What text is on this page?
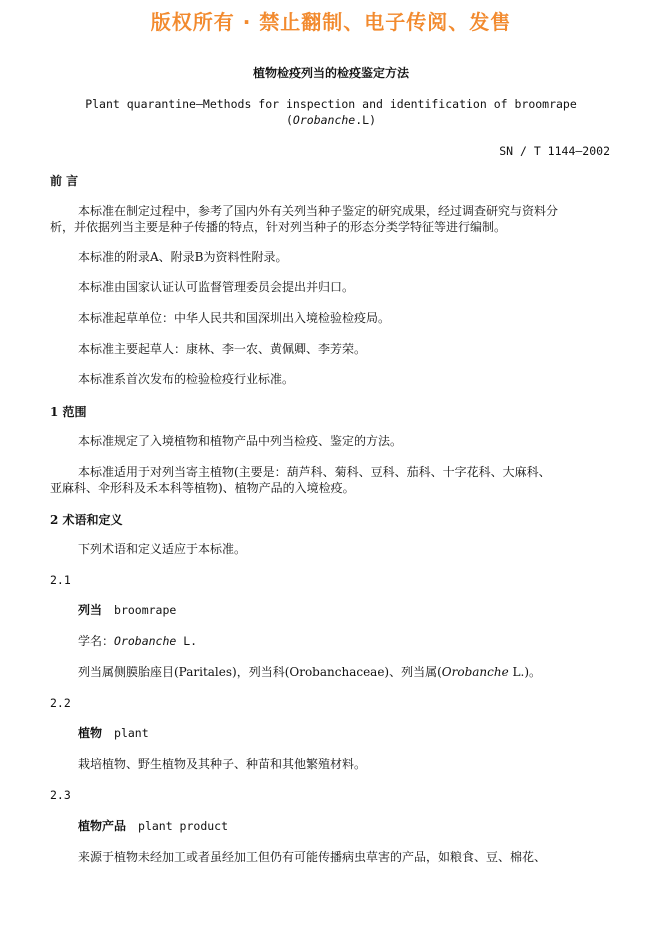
版权所有 · 禁止翻制、电子传阅、发售
植物检疫列当的检疫鉴定方法
Plant quarantine—Methods for inspection and identification of broomrape
(Orobanche.L)
SN / T 1144—2002
前 言
本标准在制定过程中，参考了国内外有关列当种子鉴定的研究成果，经过调查研究与资料分
析，并依据列当主要是种子传播的特点，针对列当种子的形态分类学特征等进行编制。
本标准的附录A、附录B为资料性附录。
本标准由国家认证认可监督管理委员会提出并归口。
本标准起草单位：中华人民共和国深圳出入境检验检疫局。
本标准主要起草人：康林、李一农、黄佩卿、李芳荣。
本标准系首次发布的检验检疫行业标准。
1 范围
本标准规定了入境植物和植物产品中列当检疫、鉴定的方法。
本标准适用于对列当寄主植物(主要是：葫芦科、菊科、豆科、茄科、十字花科、大麻科、
亚麻科、伞形科及禾本科等植物)、植物产品的入境检疫。
2 术语和定义
下列术语和定义适应于本标准。
2.1
列当 broomrape
学名：Orobanche L.
列当属侧膜胎座目(Paritales)，列当科(Orobanchaceae)、列当属(Orobanche L.)。
2.2
植物 plant
栽培植物、野生植物及其种子、种苗和其他繁殖材料。
2.3
植物产品 plant product
来源于植物未经加工或者虽经加工但仍有可能传播病虫草害的产品，如粮食、豆、棉花、
